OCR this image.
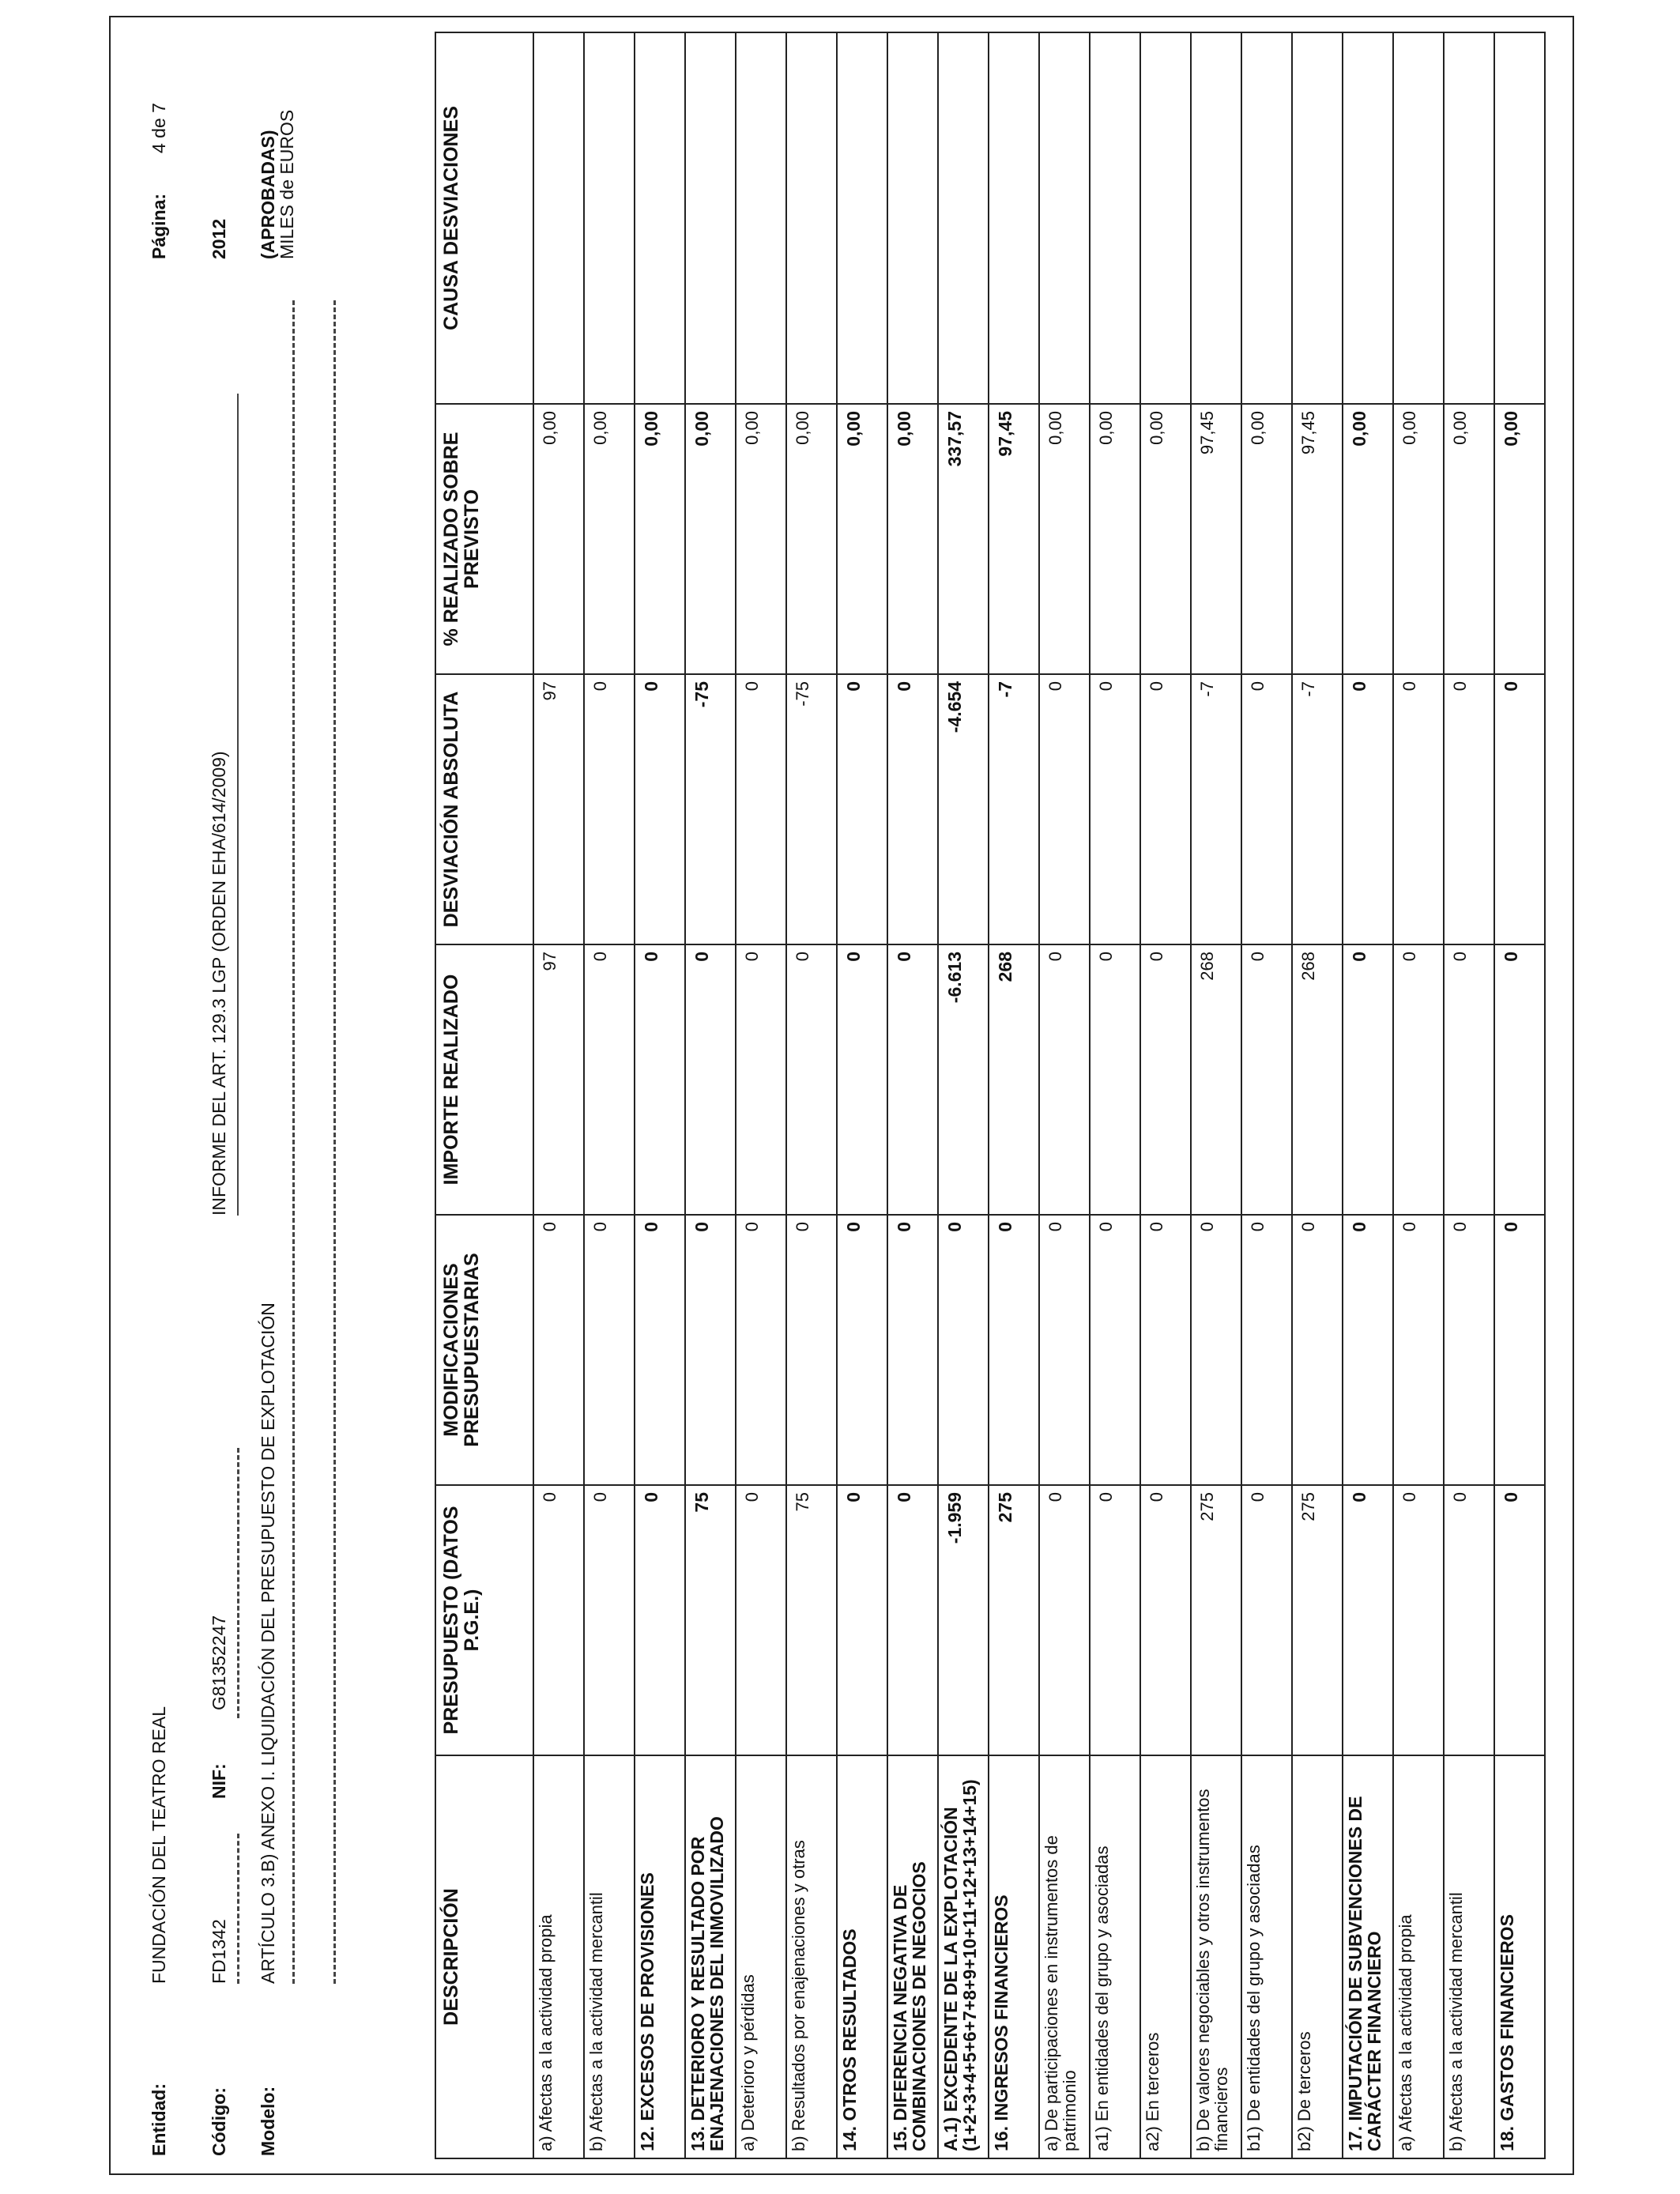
Entidad:
FUNDACIÓN DEL TEATRO REAL
Página:
4 de 7
Código:
FD1342
NIF:
G81352247
INFORME DEL ART. 129.3 LGP (ORDEN EHA/614/2009)
2012
Modelo:
ARTÍCULO 3.B) ANEXO I. LIQUIDACIÓN DEL PRESUPUESTO DE EXPLOTACIÓN
(APROBADAS)
MILES de EUROS
DESCRIPCIÓN	PRESUPUESTO (DATOS P.G.E.)	MODIFICACIONES PRESUPUESTARIAS	IMPORTE REALIZADO	DESVIACIÓN ABSOLUTA	% REALIZADO SOBRE PREVISTO	CAUSA DESVIACIONES
a) Afectas a la actividad propia	0	0	97	97	0,00	
b) Afectas a la actividad mercantil	0	0	0	0	0,00	
12. EXCESOS DE PROVISIONES	0	0	0	0	0,00	
13. DETERIORO Y RESULTADO POR ENAJENACIONES DEL INMOVILIZADO	75	0	0	-75	0,00	
a) Deterioro y pérdidas	0	0	0	0	0,00	
b) Resultados por enajenaciones y otras	75	0	0	-75	0,00	
14. OTROS RESULTADOS	0	0	0	0	0,00	
15. DIFERENCIA NEGATIVA DE COMBINACIONES DE NEGOCIOS	0	0	0	0	0,00	
A.1) EXCEDENTE DE LA EXPLOTACIÓN (1+2+3+4+5+6+7+8+9+10+11+12+13+14+15)	-1.959	0	-6.613	-4.654	337,57	
16. INGRESOS FINANCIEROS	275	0	268	-7	97,45	
a) De participaciones en instrumentos de patrimonio	0	0	0	0	0,00	
a1) En entidades del grupo y asociadas	0	0	0	0	0,00	
a2) En terceros	0	0	0	0	0,00	
b) De valores negociables y otros instrumentos financieros	275	0	268	-7	97,45	
b1) De entidades del grupo y asociadas	0	0	0	0	0,00	
b2) De terceros	275	0	268	-7	97,45	
17. IMPUTACIÓN DE SUBVENCIONES DE CARÁCTER FINANCIERO	0	0	0	0	0,00	
a) Afectas a la actividad propia	0	0	0	0	0,00	
b) Afectas a la actividad mercantil	0	0	0	0	0,00	
18. GASTOS FINANCIEROS	0	0	0	0	0,00	
